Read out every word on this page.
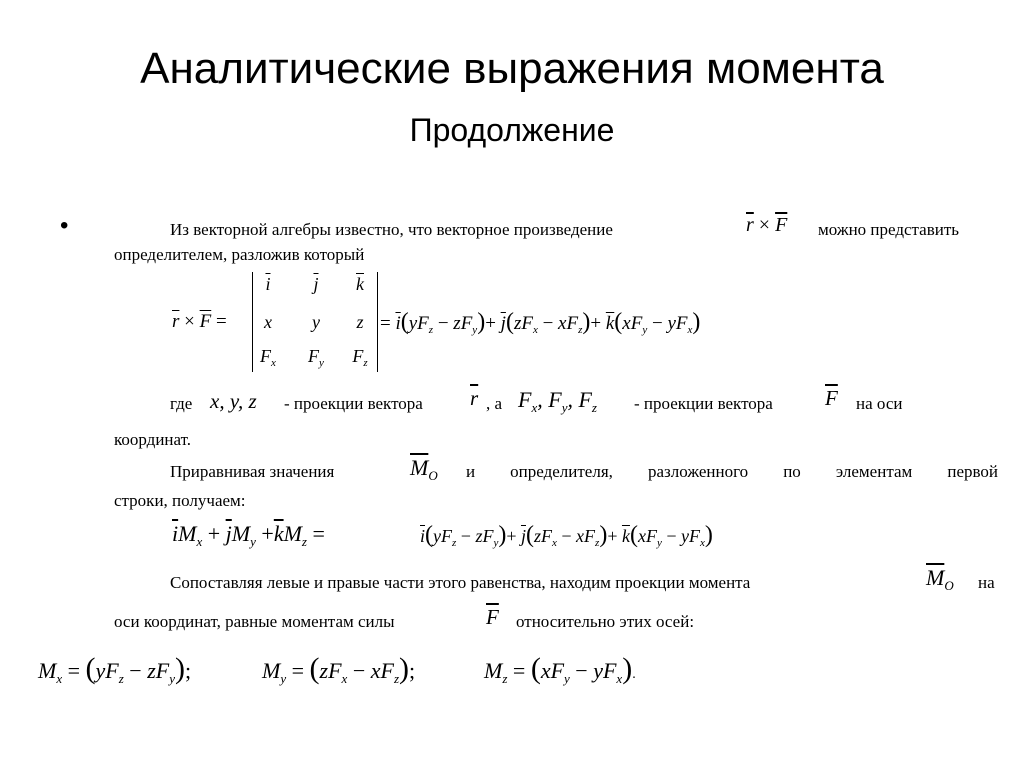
Аналитические выражения момента
Продолжение
•	Из векторной алгебры известно, что векторное произведение	$\overline{r} \times \overline{F}$ можно представить
определителем, разложив который
$\overline{r} \times \overline{F}$ =
$\overline{i}$	$\overline{j}$	$\overline{k}$
x	y	z
$F_x$	$F_y$	$F_z$
= $\overline{i}(yF_z - zF_y)+ \overline{j}(zF_x - xF_z)+ \overline{k}(xF_y - yF_x)$
где x, y, z - проекции вектора $\overline{r}$ , а $F_x$, $F_y$, $F_z$ - проекции вектора $\overline{F}$ на оси
координат.
Приравнивая значения	$\overline{M}_O$ и определителя, разложенного по элементам первой
строки, получаем:
$\overline{i}M_x + \overline{j}M_y +\overline{k}M_z$ =	$\overline{i}(yF_z - zF_y)+ \overline{j}(zF_x - xF_z)+ \overline{k}(xF_y - yF_x)$
Сопоставляя левые и правые части этого равенства, находим проекции момента	$\overline{M}_O$ на
оси координат, равные моментам силы	$\overline{F}$ относительно этих осей:
$M_x = (yF_z - zF_y)$;	$M_y = (zF_x - xF_z)$;	$M_z = (xF_y - yF_x)$.
